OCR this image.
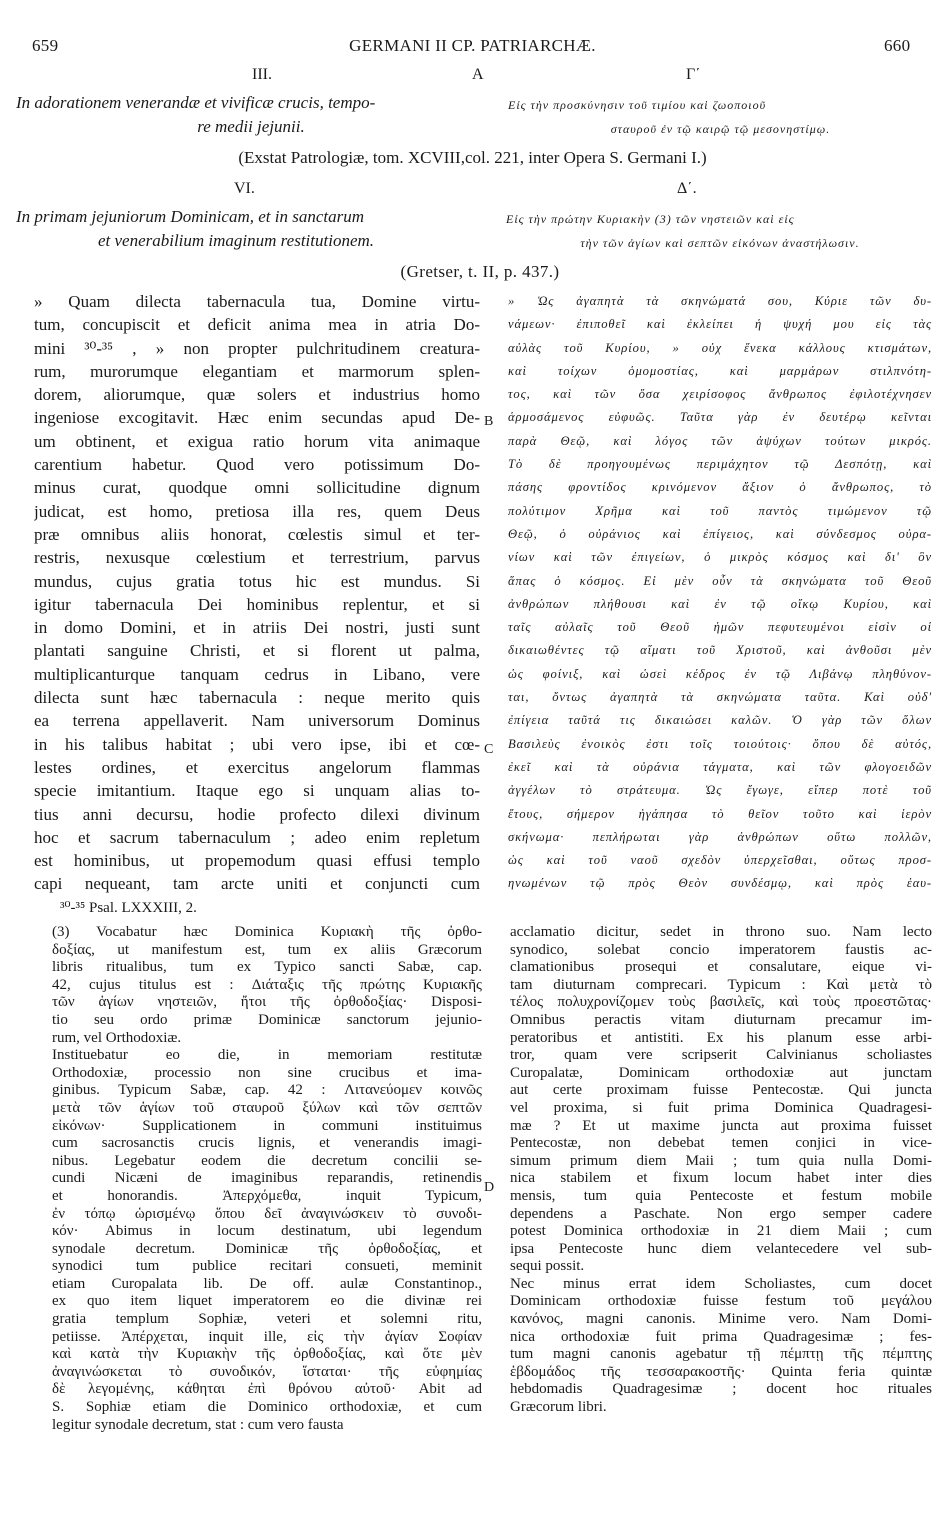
659	GERMANI II CP. PATRIARCHÆ.	660
III.	A	Γ΄
In adorationem venerandæ et vivificæ crucis, tempo-
re medii jejunii.
Εἰς τὴν προσκύνησιν τοῦ τιμίου καὶ ζωοποιοῦ
σταυροῦ ἐν τῷ καιρῷ τῷ μεσονηστίμῳ.
(Exstat Patrologiæ, tom. XCVIII,col. 221, inter Opera S. Germani I.)
VI.	Δ΄.
In primam jejuniorum Dominicam, et in sanctarum
et venerabilium imaginum restitutionem.
Εἰς τὴν πρώτην Κυριακὴν (3) τῶν νηστειῶν καὶ εἰς
τὴν τῶν ἁγίων καὶ σεπτῶν εἰκόνων ἀναστήλωσιν.
(Gretser, t. II, p. 437.)
B
C
D
» Quam dilecta tabernacula tua, Domine virtu-
tum, concupiscit et deficit anima mea in atria Do-
mini ³⁰-³⁵ , » non propter pulchritudinem creatura-
rum, murorumque elegantiam et marmorum splen-
dorem, aliorumque, quæ solers et industrius homo
ingeniose excogitavit. Hæc enim secundas apud De-
um obtinent, et exigua ratio horum vita animaque
carentium habetur. Quod vero potissimum Do-
minus curat, quodque omni sollicitudine dignum
judicat, est homo, pretiosa illa res, quem Deus
præ omnibus aliis honorat, cœlestis simul et ter-
restris, nexusque cœlestium et terrestrium, parvus
mundus, cujus gratia totus hic est mundus. Si
igitur tabernacula Dei hominibus replentur, et si
in domo Domini, et in atriis Dei nostri, justi sunt
plantati sanguine Christi, et si florent ut palma,
multiplicanturque tanquam cedrus in Libano, vere
dilecta sunt hæc tabernacula : neque merito quis
ea terrena appellaverit. Nam universorum Dominus
in his talibus habitat ; ubi vero ipse, ibi et cœ-
lestes ordines, et exercitus angelorum flammas
specie imitantium. Itaque ego si unquam alias to-
tius anni decursu, hodie profecto dilexi divinum
hoc et sacrum tabernaculum ; adeo enim repletum
est hominibus, ut propemodum quasi effusi templo
capi nequeant, tam arcte uniti et conjuncti cum
» Ὡς ἀγαπητὰ τὰ σκηνώματά σου, Κύριε τῶν δυ-
νάμεων· ἐπιποθεῖ καὶ ἐκλείπει ἡ ψυχή μου εἰς τὰς
αὐλὰς τοῦ Κυρίου, » οὐχ ἕνεκα κάλλους κτισμάτων,
καὶ τοίχων ὁμομοστίας, καὶ μαρμάρων στιλπνότη-
τος, καὶ τῶν ὅσα χειρίσοφος ἄνθρωπος ἐφιλοτέχνησεν
ἁρμοσάμενος εὐφυῶς. Ταῦτα γὰρ ἐν δευτέρῳ κεῖνται
παρὰ Θεῷ, καὶ λόγος τῶν ἀψύχων τούτων μικρός.
Τὸ δὲ προηγουμένως περιμάχητον τῷ Δεσπότῃ, καὶ
πάσης φροντίδος κρινόμενον ἄξιον ὁ ἄνθρωπος, τὸ
πολύτιμον Χρῆμα καὶ τοῦ παντὸς τιμώμενον τῷ
Θεῷ, ὁ οὐράνιος καὶ ἐπίγειος, καὶ σύνδεσμος οὐρα-
νίων καὶ τῶν ἐπιγείων, ὁ μικρὸς κόσμος καὶ δι' ὃν
ἅπας ὁ κόσμος. Εἰ μὲν οὖν τὰ σκηνώματα τοῦ Θεοῦ
ἀνθρώπων πλήθουσι καὶ ἐν τῷ οἴκῳ Κυρίου, καὶ
ταῖς αὐλαῖς τοῦ Θεοῦ ἡμῶν πεφυτευμένοι εἰσὶν οἱ
δικαιωθέντες τῷ αἵματι τοῦ Χριστοῦ, καὶ ἀνθοῦσι μὲν
ὡς φοίνιξ, καὶ ὡσεὶ κέδρος ἐν τῷ Λιβάνῳ πληθύνον-
ται, ὄντως ἀγαπητὰ τὰ σκηνώματα ταῦτα. Καὶ οὐδ'
ἐπίγεια ταῦτά τις δικαιώσει καλῶν. Ὁ γὰρ τῶν ὅλων
Βασιλεὺς ἐνοικὸς ἐστι τοῖς τοιούτοις· ὅπου δὲ αὐτός,
ἐκεῖ καὶ τὰ οὐράνια τάγματα, καὶ τῶν φλογοειδῶν
ἀγγέλων τὸ στράτευμα. Ὡς ἔγωγε, εἴπερ ποτὲ τοῦ
ἔτους, σήμερον ἠγάπησα τὸ θεῖον τοῦτο καὶ ἱερὸν
σκήνωμα· πεπλήρωται γὰρ ἀνθρώπων οὕτω πολλῶν,
ὡς καὶ τοῦ ναοῦ σχεδὸν ὑπερχεῖσθαι, οὕτως προσ-
ηνωμένων τῷ πρὸς Θεὸν συνδέσμῳ, καὶ πρὸς ἑαυ-
³⁰-³⁵ Psal. LXXXIII, 2.
(3) Vocabatur hæc Dominica Κυριακὴ τῆς ὀρθο-
δοξίας, ut manifestum est, tum ex aliis Græcorum
libris ritualibus, tum ex Typico sancti Sabæ, cap.
42, cujus titulus est : Διάταξις τῆς πρώτης Κυριακῆς
τῶν ἁγίων νηστειῶν, ἤτοι τῆς ὀρθοδοξίας· Disposi-
tio seu ordo primæ Dominicæ sanctorum jejunio-
rum, vel Orthodoxiæ.
Instituebatur eo die, in memoriam restitutæ
Orthodoxiæ, processio non sine crucibus et ima-
ginibus. Typicum Sabæ, cap. 42 : Λιτανεύομεν κοινῶς
μετὰ τῶν ἁγίων τοῦ σταυροῦ ξύλων καὶ τῶν σεπτῶν
εἰκόνων· Supplicationem in communi instituimus
cum sacrosanctis crucis lignis, et venerandis imagi-
nibus. Legebatur eodem die decretum concilii se-
cundi Nicæni de imaginibus reparandis, retinendis
et honorandis. Ἀπερχόμεθα, inquit Typicum,
ἐν τόπῳ ὡρισμένῳ ὅπου δεῖ ἀναγινώσκειν τὸ συνοδι-
κόν· Abimus in locum destinatum, ubi legendum
synodale decretum. Dominicæ τῆς ὀρθοδοξίας, et
synodici tum publice recitari consueti, meminit
etiam Curopalata lib. De off. aulæ Constantinop.,
ex quo item liquet imperatorem eo die divinæ rei
gratia templum Sophiæ, veteri et solemni ritu,
petiisse. Ἀπέρχεται, inquit ille, εἰς τὴν ἁγίαν Σοφίαν
καὶ κατὰ τὴν Κυριακὴν τῆς ὀρθοδοξίας, καὶ ὅτε μὲν
ἀναγινώσκεται τὸ συνοδικόν, ἵσταται· τῆς εὐφημίας
δὲ λεγομένης, κάθηται ἐπὶ θρόνου αὐτοῦ· Abit ad
S. Sophiæ etiam die Dominico orthodoxiæ, et cum
legitur synodale decretum, stat : cum vero fausta
acclamatio dicitur, sedet in throno suo. Nam lecto
synodico, solebat concio imperatorem faustis ac-
clamationibus prosequi et consalutare, eique vi-
tam diuturnam comprecari. Typicum : Καὶ μετὰ τὸ
τέλος πολυχρονίζομεν τοὺς βασιλεῖς, καὶ τοὺς προεστῶτας·
Omnibus peractis vitam diuturnam precamur im-
peratoribus et antistiti. Ex his planum esse arbi-
tror, quam vere scripserit Calvinianus scholiastes
Curopalatæ, Dominicam orthodoxiæ aut junctam
aut certe proximam fuisse Pentecostæ. Qui juncta
vel proxima, si fuit prima Dominica Quadragesi-
mæ ? Et ut maxime juncta aut proxima fuisset
Pentecostæ, non debebat temen conjici in vice-
simum primum diem Maii ; tum quia nulla Domi-
nica stabilem et fixum locum habet inter dies
mensis, tum quia Pentecoste et festum mobile
dependens a Paschate. Non ergo semper cadere
potest Dominica orthodoxiæ in 21 diem Maii ; cum
ipsa Pentecoste hunc diem velantecedere vel sub-
sequi possit.
Nec minus errat idem Scholiastes, cum docet
Dominicam orthodoxiæ fuisse festum τοῦ μεγάλου
κανόνος, magni canonis. Minime vero. Nam Domi-
nica orthodoxiæ fuit prima Quadragesimæ ; fes-
tum magni canonis agebatur τῇ πέμπτῃ τῆς πέμπτης
ἑβδομάδος τῆς τεσσαρακοστῆς· Quinta feria quintæ
hebdomadis Quadragesimæ ; docent hoc rituales
Græcorum libri.
